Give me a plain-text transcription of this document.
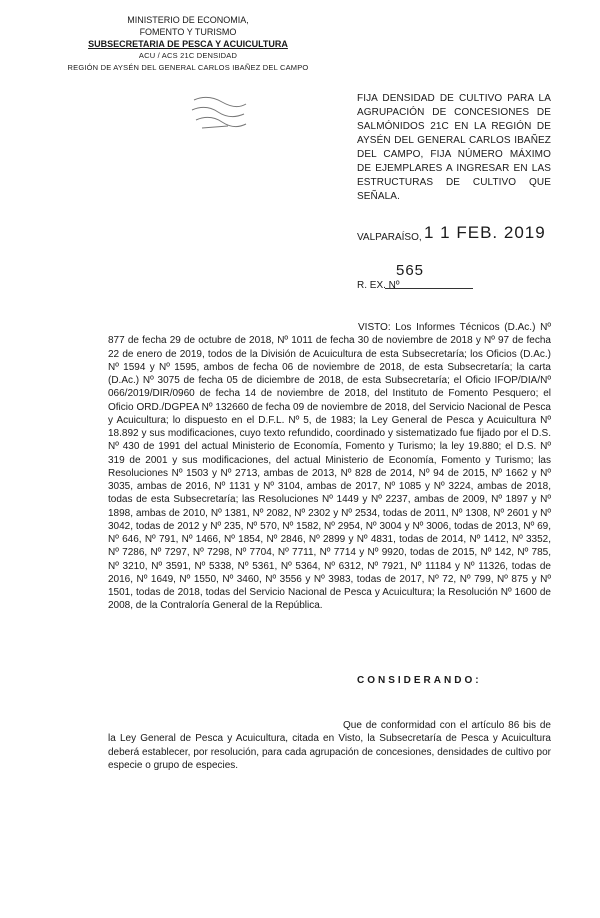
MINISTERIO DE ECONOMIA,
FOMENTO Y TURISMO
SUBSECRETARIA DE PESCA Y ACUICULTURA
ACU / ACS 21C DENSIDAD
REGIÓN DE AYSÉN DEL GENERAL CARLOS IBAÑEZ DEL CAMPO
FIJA DENSIDAD DE CULTIVO PARA LA AGRUPACIÓN DE CONCESIONES DE SALMÓNIDOS 21C EN LA REGIÓN DE AYSÉN DEL GENERAL CARLOS IBAÑEZ DEL CAMPO, FIJA NÚMERO MÁXIMO DE EJEMPLARES A INGRESAR EN LAS ESTRUCTURAS DE CULTIVO QUE SEÑALA.
VALPARAÍSO, 1 1 FEB. 2019
565
R. EX. Nº
VISTO: Los Informes Técnicos (D.Ac.) Nº 877 de fecha 29 de octubre de 2018, Nº 1011 de fecha 30 de noviembre de 2018 y Nº 97 de fecha 22 de enero de 2019, todos de la División de Acuicultura de esta Subsecretaría; los Oficios (D.Ac.) Nº 1594 y Nº 1595, ambos de fecha 06 de noviembre de 2018, de esta Subsecretaría; la carta (D.Ac.) Nº 3075 de fecha 05 de diciembre de 2018, de esta Subsecretaría; el Oficio IFOP/DIA/Nº 066/2019/DIR/0960 de fecha 14 de noviembre de 2018, del Instituto de Fomento Pesquero; el Oficio ORD./DGPEA Nº 132660 de fecha 09 de noviembre de 2018, del Servicio Nacional de Pesca y Acuicultura; lo dispuesto en el D.F.L. Nº 5, de 1983; la Ley General de Pesca y Acuicultura Nº 18.892 y sus modificaciones, cuyo texto refundido, coordinado y sistematizado fue fijado por el D.S. Nº 430 de 1991 del actual Ministerio de Economía, Fomento y Turismo; la ley 19.880; el D.S. Nº 319 de 2001 y sus modificaciones, del actual Ministerio de Economía, Fomento y Turismo; las Resoluciones Nº 1503 y Nº 2713, ambas de 2013, Nº 828 de 2014, Nº 94 de 2015, Nº 1662 y Nº 3035, ambas de 2016, Nº 1131 y Nº 3104, ambas de 2017, Nº 1085 y Nº 3224, ambas de 2018, todas de esta Subsecretaría; las Resoluciones Nº 1449 y Nº 2237, ambas de 2009, Nº 1897 y Nº 1898, ambas de 2010, Nº 1381, Nº 2082, Nº 2302 y Nº 2534, todas de 2011, Nº 1308, Nº 2601 y Nº 3042, todas de 2012 y Nº 235, Nº 570, Nº 1582, Nº 2954, Nº 3004 y Nº 3006, todas de 2013, Nº 69, Nº 646, Nº 791, Nº 1466, Nº 1854, Nº 2846, Nº 2899 y Nº 4831, todas de 2014, Nº 1412, Nº 3352, Nº 7286, Nº 7297, Nº 7298, Nº 7704, Nº 7711, Nº 7714 y Nº 9920, todas de 2015, Nº 142, Nº 785, Nº 3210, Nº 3591, Nº 5338, Nº 5361, Nº 5364, Nº 6312, Nº 7921, Nº 11184 y Nº 11326, todas de 2016, Nº 1649, Nº 1550, Nº 3460, Nº 3556 y Nº 3983, todas de 2017, Nº 72, Nº 799, Nº 875 y Nº 1501, todas de 2018, todas del Servicio Nacional de Pesca y Acuicultura; la Resolución Nº 1600 de 2008, de la Contraloría General de la República.
CONSIDERANDO:
Que de conformidad con el artículo 86 bis de la Ley General de Pesca y Acuicultura, citada en Visto, la Subsecretaría de Pesca y Acuicultura deberá establecer, por resolución, para cada agrupación de concesiones, densidades de cultivo por especie o grupo de especies.
